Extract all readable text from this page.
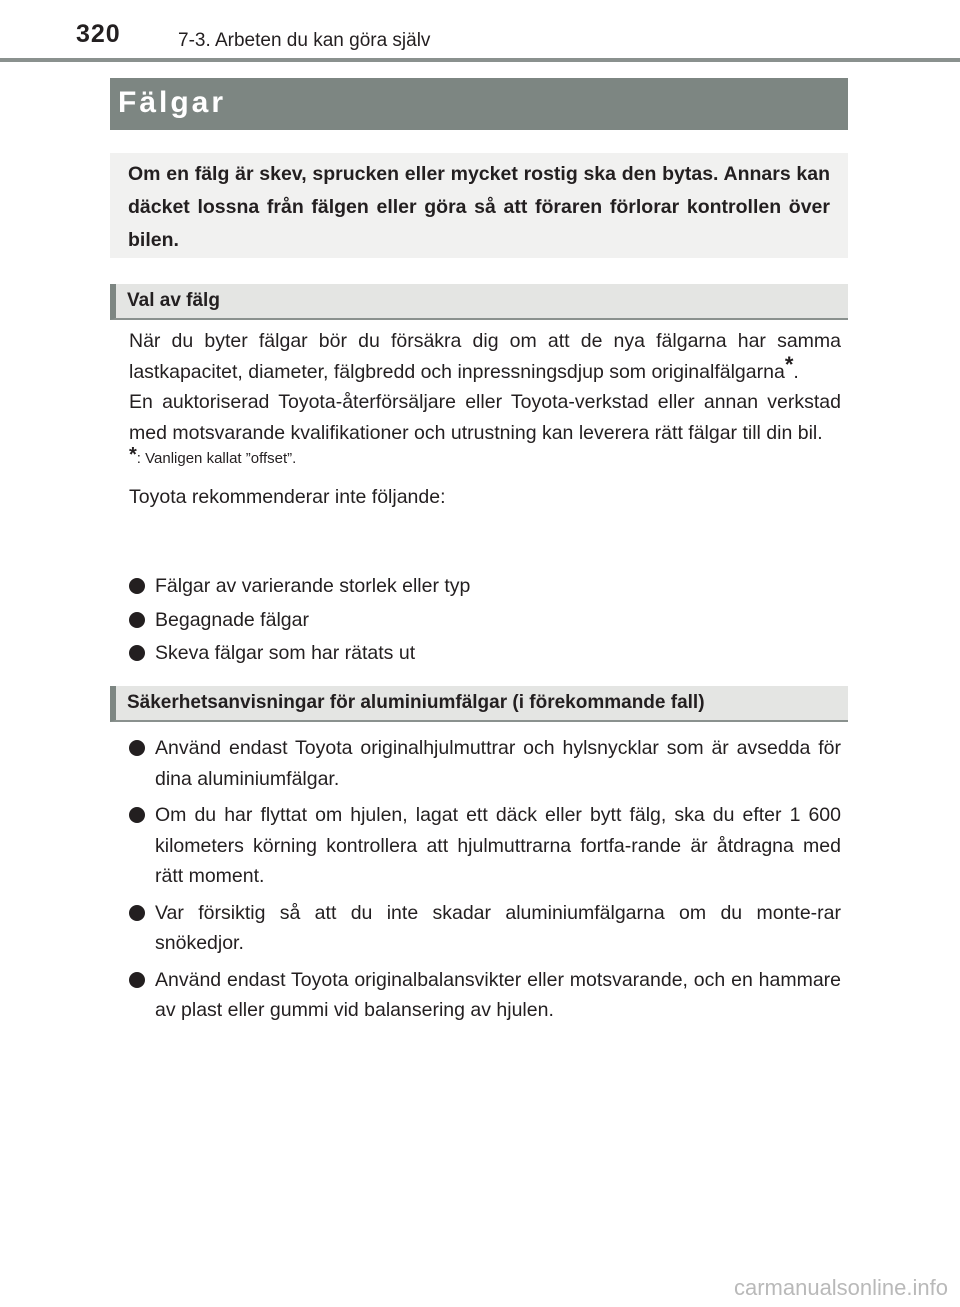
320	7-3. Arbeten du kan göra själv
Fälgar
Om en fälg är skev, sprucken eller mycket rostig ska den bytas. Annars kan däcket lossna från fälgen eller göra så att föraren förlorar kontrollen över bilen.
Val av fälg

När du byter fälgar bör du försäkra dig om att de nya fälgarna har samma lastkapacitet, diameter, fälgbredd och inpressningsdjup som originalfälgarna*.

En auktoriserad Toyota-återförsäljare eller Toyota-verkstad eller annan verkstad med motsvarande kvalifikationer och utrustning kan leverera rätt fälgar till din bil.

*: Vanligen kallat ”offset”.

Toyota rekommenderar inte följande:

Fälgar av varierande storlek eller typ
Begagnade fälgar
Skeva fälgar som har rätats ut
Säkerhetsanvisningar för aluminiumfälgar (i förekommande fall)
Använd endast Toyota originalhjulmuttrar och hylsnycklar som är avsedda för dina aluminiumfälgar.
Om du har flyttat om hjulen, lagat ett däck eller bytt fälg, ska du efter 1 600 kilometers körning kontrollera att hjulmuttrarna fortfa-rande är åtdragna med rätt moment.
Var försiktig så att du inte skadar aluminiumfälgarna om du monte-rar snökedjor.
Använd endast Toyota originalbalansvikter eller motsvarande, och en hammare av plast eller gummi vid balansering av hjulen.
carmanualsonline.info
